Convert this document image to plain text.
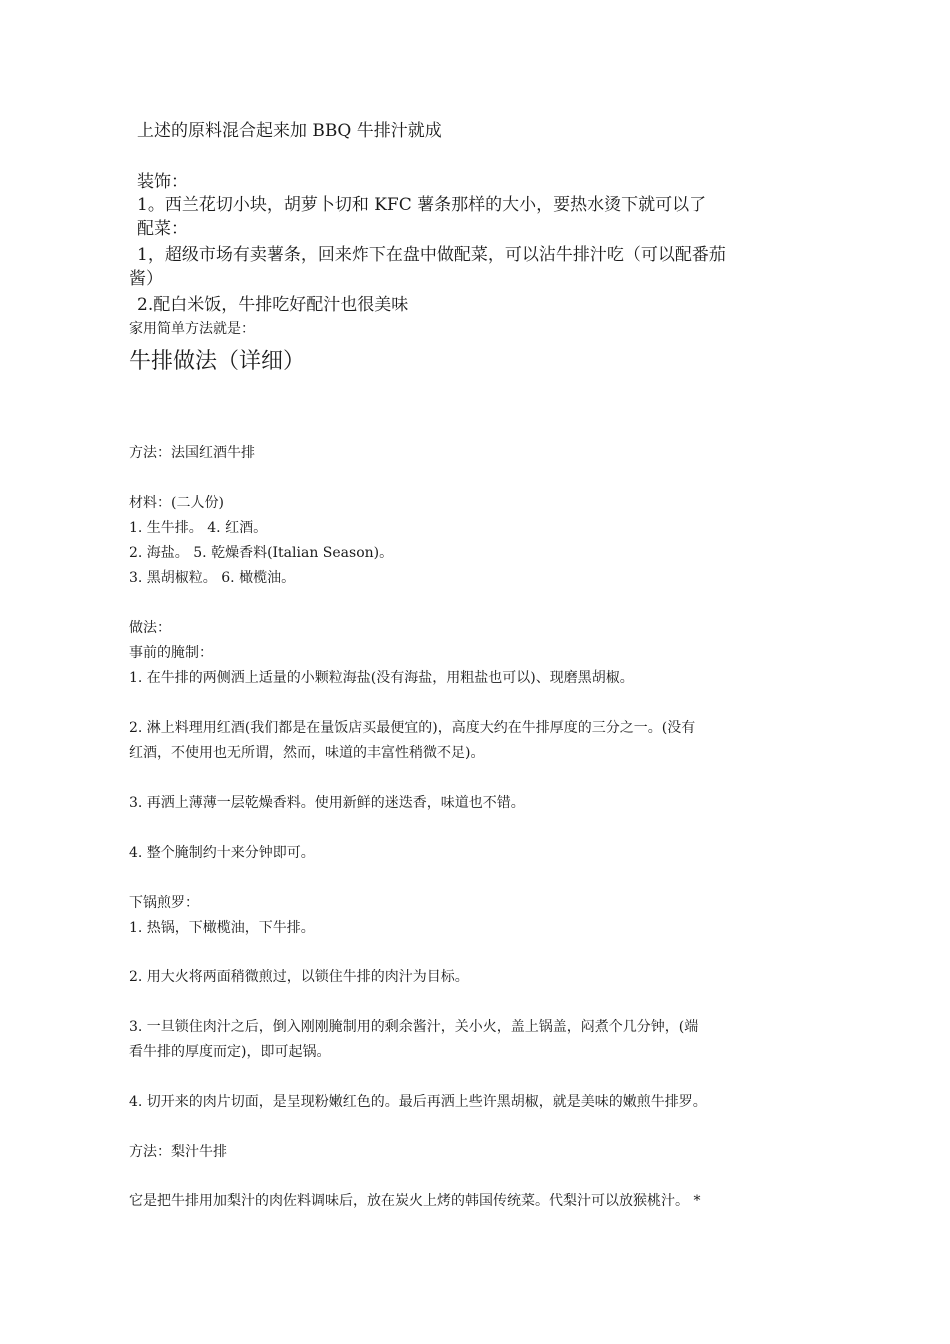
上述的原料混合起来加 BBQ 牛排汁就成
装饰：
1。西兰花切小块，胡萝卜切和 KFC 薯条那样的大小，要热水烫下就可以了
配菜：
1，超级市场有卖薯条，回来炸下在盘中做配菜，可以沾牛排汁吃（可以配番茄
酱）
2.配白米饭，牛排吃好配汁也很美味
家用简单方法就是：
牛排做法（详细）
方法：法国红酒牛排
材料：(二人份)
1. 生牛排。 4. 红酒。
2. 海盐。 5. 乾燥香料(Italian Season)。
3. 黑胡椒粒。 6. 橄榄油。
做法：
事前的腌制：
1. 在牛排的两侧洒上适量的小颗粒海盐(没有海盐，用粗盐也可以)、现磨黑胡椒。
2. 淋上料理用红酒(我们都是在量饭店买最便宜的)，高度大约在牛排厚度的三分之一。(没有
红酒，不使用也无所谓，然而，味道的丰富性稍微不足)。
3. 再洒上薄薄一层乾燥香料。使用新鲜的迷迭香，味道也不错。
4. 整个腌制约十来分钟即可。
下锅煎罗：
1. 热锅，下橄榄油，下牛排。
2. 用大火将两面稍微煎过，以锁住牛排的肉汁为目标。
3. 一旦锁住肉汁之后，倒入刚刚腌制用的剩余酱汁，关小火，盖上锅盖，闷煮个几分钟，(端
看牛排的厚度而定)，即可起锅。
4. 切开来的肉片切面，是呈现粉嫩红色的。最后再洒上些许黑胡椒，就是美味的嫩煎牛排罗。
方法：梨汁牛排
它是把牛排用加梨汁的肉佐料调味后，放在炭火上烤的韩国传统菜。代梨汁可以放猴桃汁。 *
